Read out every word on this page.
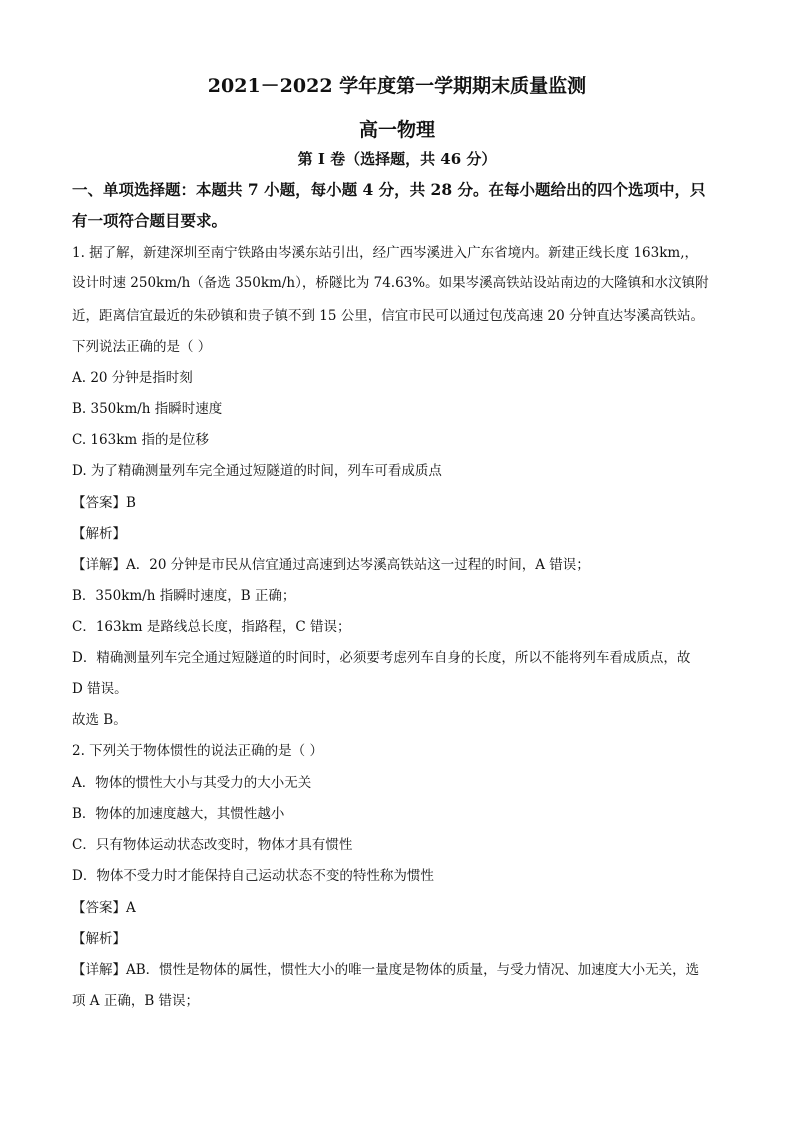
2021－2022 学年度第一学期期末质量监测
高一物理
第 I 卷（选择题，共 46 分）
一、单项选择题：本题共 7 小题，每小题 4 分，共 28 分。在每小题给出的四个选项中，只
有一项符合题目要求。
1. 据了解，新建深圳至南宁铁路由岑溪东站引出，经广西岑溪进入广东省境内。新建正线长度 163km,，
设计时速 250km/h（备选 350km/h），桥隧比为 74.63%。如果岑溪高铁站设站南边的大隆镇和水汶镇附
近，距离信宜最近的朱砂镇和贵子镇不到 15 公里，信宜市民可以通过包茂高速 20 分钟直达岑溪高铁站。
下列说法正确的是（ ）
A. 20 分钟是指时刻
B. 350km/h 指瞬时速度
C. 163km 指的是位移
D. 为了精确测量列车完全通过短隧道的时间，列车可看成质点
【答案】B
【解析】
【详解】A．20 分钟是市民从信宜通过高速到达岑溪高铁站这一过程的时间，A 错误；
B．350km/h 指瞬时速度，B 正确；
C．163km 是路线总长度，指路程，C 错误；
D．精确测量列车完全通过短隧道的时间时，必须要考虑列车自身的长度，所以不能将列车看成质点，故
D 错误。
故选 B。
2. 下列关于物体惯性的说法正确的是（ ）
A．物体的惯性大小与其受力的大小无关
B．物体的加速度越大，其惯性越小
C．只有物体运动状态改变时，物体才具有惯性
D．物体不受力时才能保持自己运动状态不变的特性称为惯性
【答案】A
【解析】
【详解】AB．惯性是物体的属性，惯性大小的唯一量度是物体的质量，与受力情况、加速度大小无关，选
项 A 正确，B 错误；
